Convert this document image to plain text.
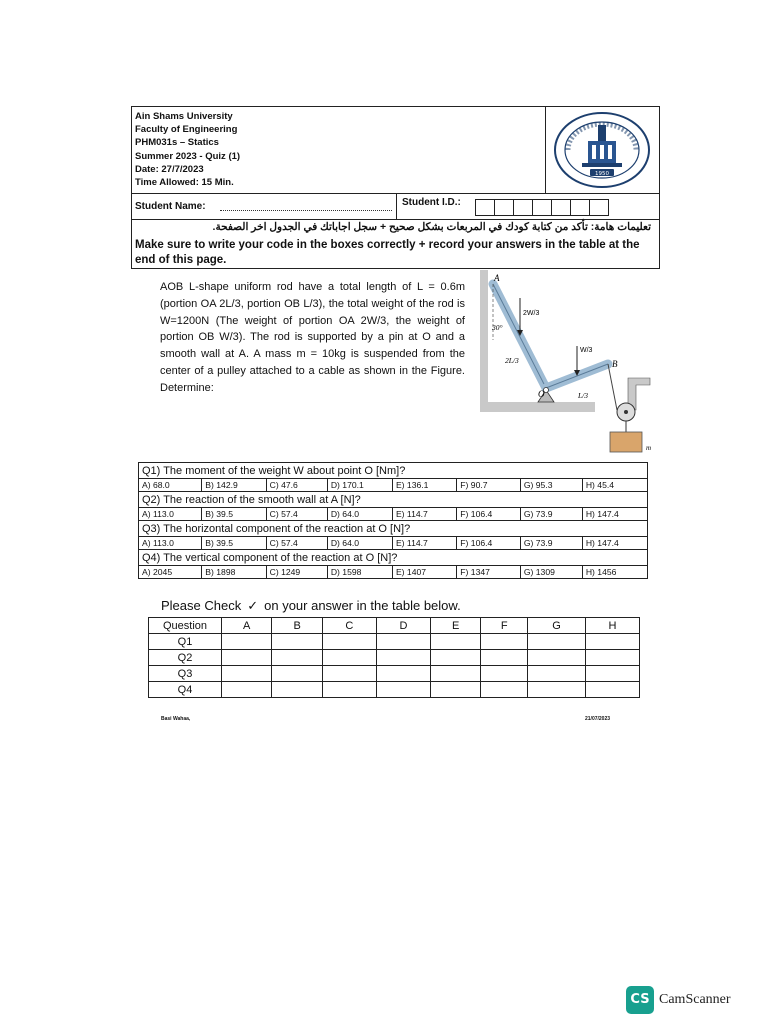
Ain Shams University
Faculty of Engineering
PHM031s – Statics
Summer 2023 - Quiz (1)
Date: 27/7/2023
Time Allowed: 15 Min.
1950
Student Name:	Student I.D.:
تعليمات هامة: تأكد من كتابة كودك في المربعات بشكل صحيح + سجل اجاباتك في الجدول اخر الصفحة.
Make sure to write your code in the boxes correctly + record your answers in the table at the end of this page.
AOB L-shape uniform rod have a total length of L = 0.6m (portion OA 2L/3, portion OB L/3), the total weight of the rod is W=1200N (The weight of portion OA 2W/3, the weight of portion OB W/3). The rod is supported by a pin at O and a smooth wall at A. A mass m = 10kg is suspended from the center of a pulley attached to a cable as shown in the Figure. Determine:
A
B
O
30°
2L/3
L/3
2W/3
W/3
m
Q1) The moment of the weight W about point O [Nm]?							
A) 68.0	B) 142.9	C) 47.6	D) 170.1	E) 136.1	F) 90.7	G) 95.3	H) 45.4
Q2) The reaction of the smooth wall at A [N]?							
A) 113.0	B) 39.5	C) 57.4	D) 64.0	E) 114.7	F) 106.4	G) 73.9	H) 147.4
Q3) The horizontal component of the reaction at O [N]?							
A) 113.0	B) 39.5	C) 57.4	D) 64.0	E) 114.7	F) 106.4	G) 73.9	H) 147.4
Q4) The vertical component of the reaction at O [N]?							
A) 2045	B) 1898	C) 1249	D) 1598	E) 1407	F) 1347	G) 1309	H) 1456
Please Check ✓ on your answer in the table below.
Question	A	B	C	D	E	F	G	H
Q1								
Q2								
Q3								
Q4								
Basi Wahaa,	21/07/2023
CS CamScanner
